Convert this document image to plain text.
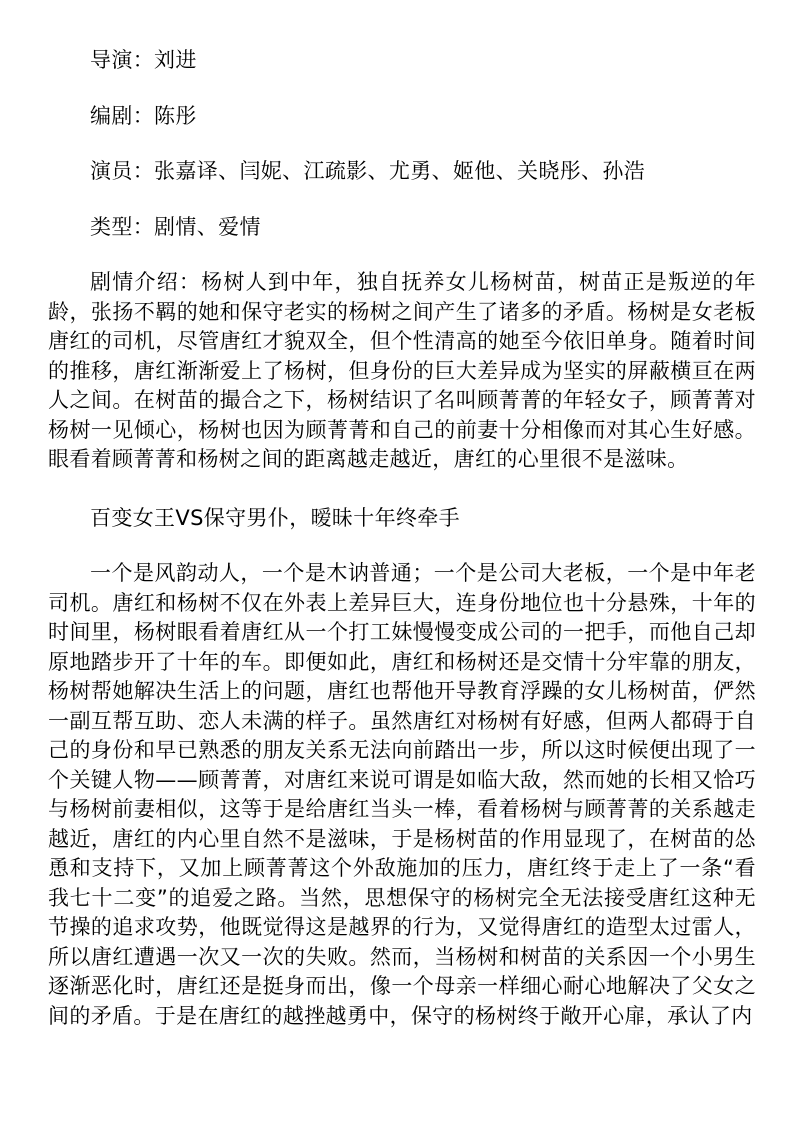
导演：刘进

编剧：陈彤

演员：张嘉译、闫妮、江疏影、尤勇、姬他、关晓彤、孙浩

类型：剧情、爱情

剧情介绍：杨树人到中年，独自抚养女儿杨树苗，树苗正是叛逆的年龄，张扬不羁的她和保守老实的杨树之间产生了诸多的矛盾。杨树是女老板唐红的司机，尽管唐红才貌双全，但个性清高的她至今依旧单身。随着时间的推移，唐红渐渐爱上了杨树，但身份的巨大差异成为坚实的屏蔽横亘在两人之间。在树苗的撮合之下，杨树结识了名叫顾菁菁的年轻女子，顾菁菁对杨树一见倾心，杨树也因为顾菁菁和自己的前妻十分相像而对其心生好感。眼看着顾菁菁和杨树之间的距离越走越近，唐红的心里很不是滋味。

百变女王VS保守男仆，暧昧十年终牵手

一个是风韵动人，一个是木讷普通；一个是公司大老板，一个是中年老司机。唐红和杨树不仅在外表上差异巨大，连身份地位也十分悬殊，十年的时间里，杨树眼看着唐红从一个打工妹慢慢变成公司的一把手，而他自己却原地踏步开了十年的车。即便如此，唐红和杨树还是交情十分牢靠的朋友，杨树帮她解决生活上的问题，唐红也帮他开导教育浮躁的女儿杨树苗，俨然一副互帮互助、恋人未满的样子。虽然唐红对杨树有好感，但两人都碍于自己的身份和早已熟悉的朋友关系无法向前踏出一步，所以这时候便出现了一个关键人物——顾菁菁，对唐红来说可谓是如临大敌，然而她的长相又恰巧与杨树前妻相似，这等于是给唐红当头一棒，看着杨树与顾菁菁的关系越走越近，唐红的内心里自然不是滋味，于是杨树苗的作用显现了，在树苗的怂恿和支持下，又加上顾菁菁这个外敌施加的压力，唐红终于走上了一条“看我七十二变”的追爱之路。当然，思想保守的杨树完全无法接受唐红这种无节操的追求攻势，他既觉得这是越界的行为，又觉得唐红的造型太过雷人，所以唐红遭遇一次又一次的失败。然而，当杨树和树苗的关系因一个小男生逐渐恶化时，唐红还是挺身而出，像一个母亲一样细心耐心地解决了父女之间的矛盾。于是在唐红的越挫越勇中，保守的杨树终于敞开心扉，承认了内
